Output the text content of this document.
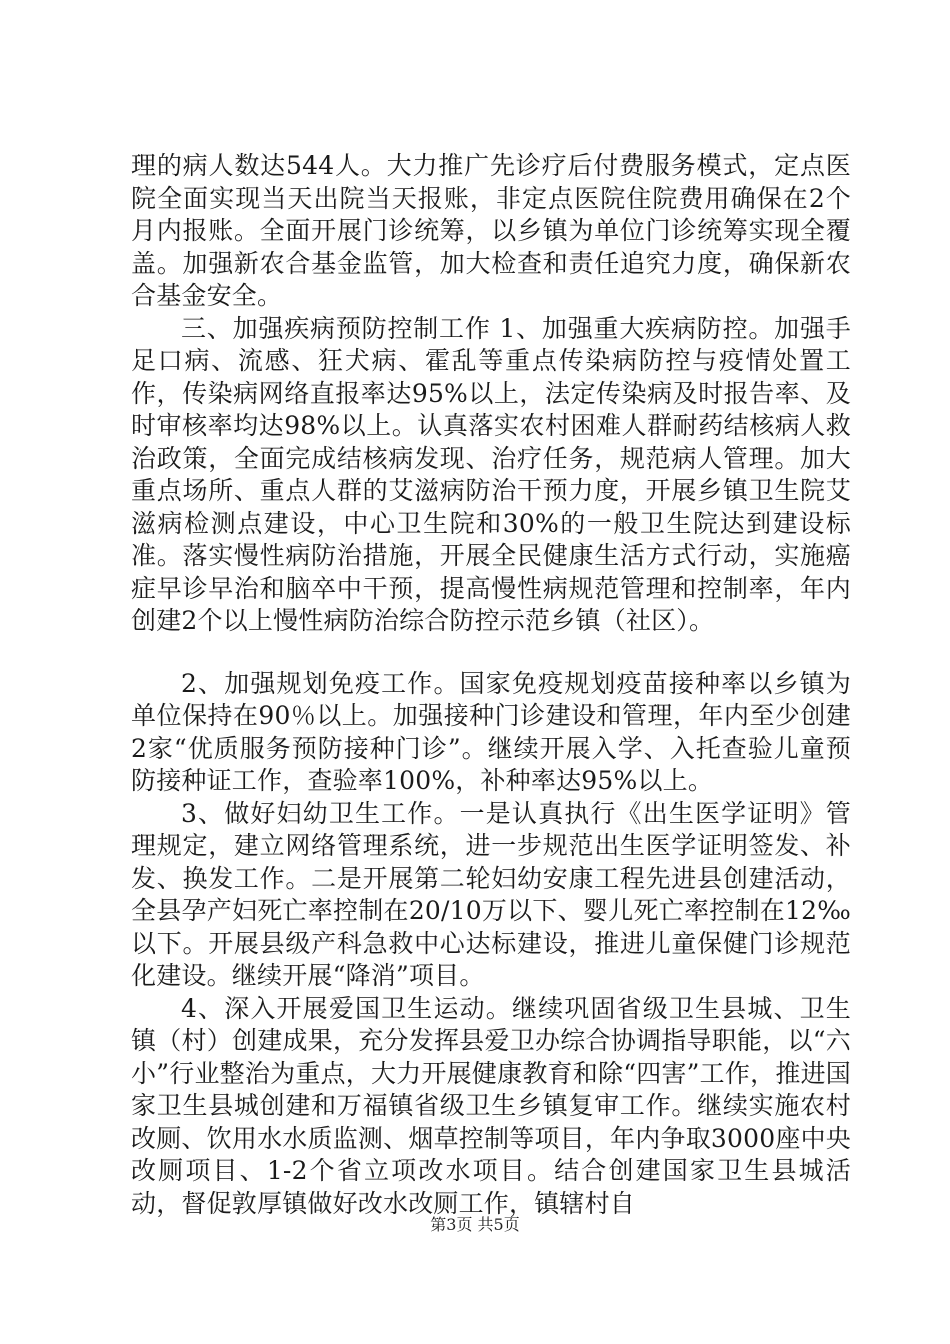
理的病人数达544人。大力推广先诊疗后付费服务模式，定点医院全面实现当天出院当天报账，非定点医院住院费用确保在2个月内报账。全面开展门诊统筹，以乡镇为单位门诊统筹实现全覆盖。加强新农合基金监管，加大检查和责任追究力度，确保新农合基金安全。

三、加强疾病预防控制工作 1、加强重大疾病防控。加强手足口病、流感、狂犬病、霍乱等重点传染病防控与疫情处置工作，传染病网络直报率达95%以上，法定传染病及时报告率、及时审核率均达98%以上。认真落实农村困难人群耐药结核病人救治政策，全面完成结核病发现、治疗任务，规范病人管理。加大重点场所、重点人群的艾滋病防治干预力度，开展乡镇卫生院艾滋病检测点建设，中心卫生院和30%的一般卫生院达到建设标准。落实慢性病防治措施，开展全民健康生活方式行动，实施癌症早诊早治和脑卒中干预，提高慢性病规范管理和控制率，年内创建2个以上慢性病防治综合防控示范乡镇（社区）。

2、加强规划免疫工作。国家免疫规划疫苗接种率以乡镇为单位保持在90％以上。加强接种门诊建设和管理，年内至少创建2家“优质服务预防接种门诊”。继续开展入学、入托查验儿童预防接种证工作，查验率100%，补种率达95%以上。

3、做好妇幼卫生工作。一是认真执行《出生医学证明》管理规定，建立网络管理系统，进一步规范出生医学证明签发、补发、换发工作。二是开展第二轮妇幼安康工程先进县创建活动，全县孕产妇死亡率控制在20/10万以下、婴儿死亡率控制在12‰以下。开展县级产科急救中心达标建设，推进儿童保健门诊规范化建设。继续开展“降消”项目。

4、深入开展爱国卫生运动。继续巩固省级卫生县城、卫生镇（村）创建成果，充分发挥县爱卫办综合协调指导职能，以“六小”行业整治为重点，大力开展健康教育和除“四害”工作，推进国家卫生县城创建和万福镇省级卫生乡镇复审工作。继续实施农村改厕、饮用水水质监测、烟草控制等项目，年内争取3000座中央改厕项目、1-2个省立项改水项目。结合创建国家卫生县城活动，督促敦厚镇做好改水改厕工作，镇辖村自

第3页 共5页
